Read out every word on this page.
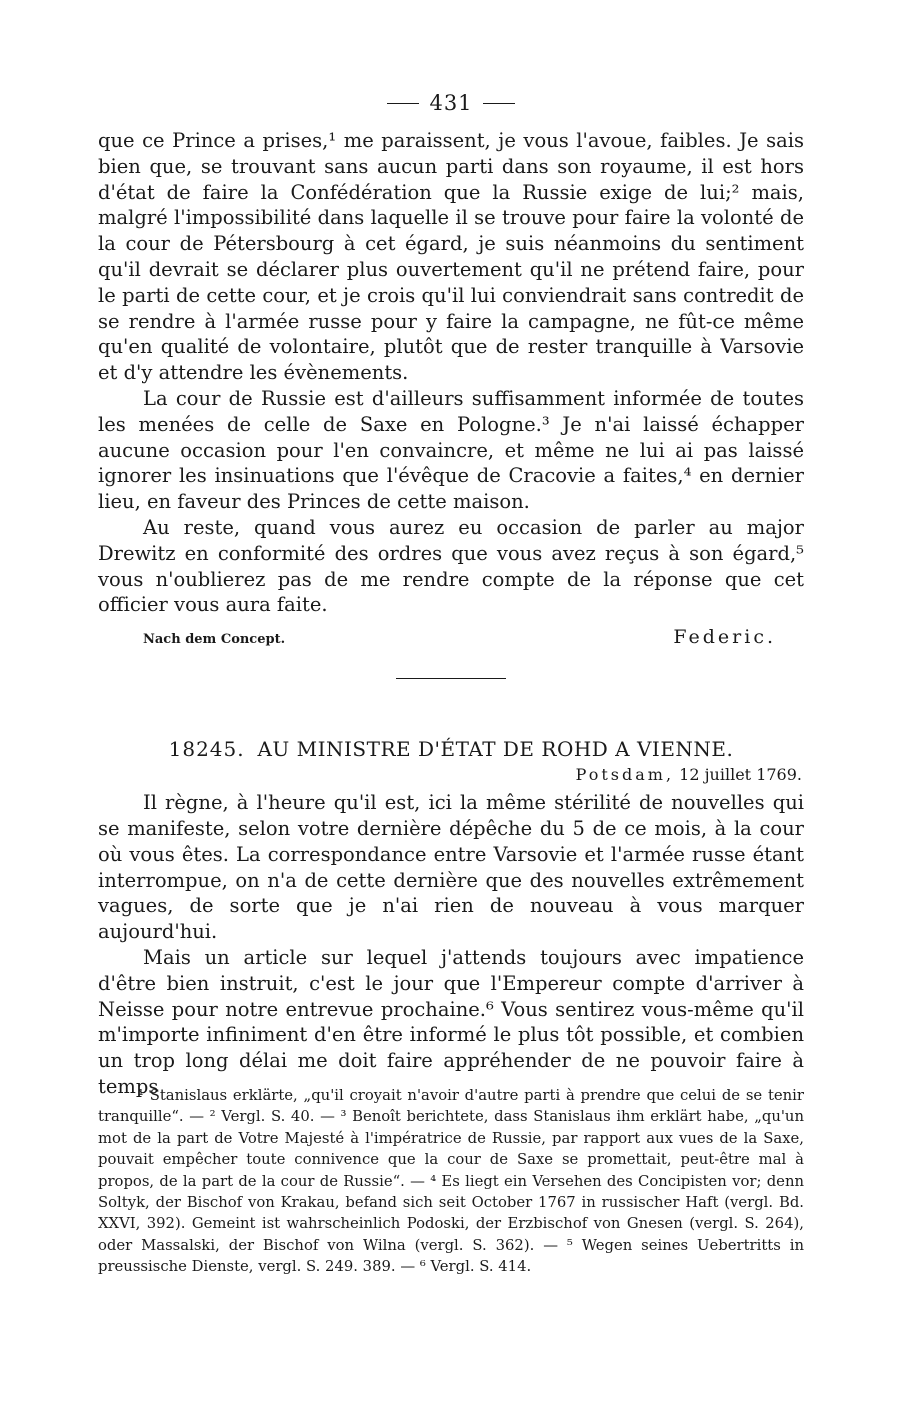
431

que ce Prince a prises,¹ me paraissent, je vous l'avoue, faibles. Je sais bien que, se trouvant sans aucun parti dans son royaume, il est hors d'état de faire la Confédération que la Russie exige de lui;² mais, malgré l'impossibilité dans laquelle il se trouve pour faire la volonté de la cour de Pétersbourg à cet égard, je suis néanmoins du sentiment qu'il devrait se déclarer plus ouvertement qu'il ne prétend faire, pour le parti de cette cour, et je crois qu'il lui conviendrait sans contredit de se rendre à l'armée russe pour y faire la campagne, ne fût-ce même qu'en qualité de volontaire, plutôt que de rester tranquille à Varsovie et d'y attendre les évènements.

La cour de Russie est d'ailleurs suffisamment informée de toutes les menées de celle de Saxe en Pologne.³ Je n'ai laissé échapper aucune occasion pour l'en convaincre, et même ne lui ai pas laissé ignorer les insinuations que l'évêque de Cracovie a faites,⁴ en dernier lieu, en faveur des Princes de cette maison.

Au reste, quand vous aurez eu occasion de parler au major Drewitz en conformité des ordres que vous avez reçus à son égard,⁵ vous n'oublierez pas de me rendre compte de la réponse que cet officier vous aura faite.

Nach dem Concept.	Federic.
18245. AU MINISTRE D'ÉTAT DE ROHD A VIENNE.
Potsdam, 12 juillet 1769.

Il règne, à l'heure qu'il est, ici la même stérilité de nouvelles qui se manifeste, selon votre dernière dépêche du 5 de ce mois, à la cour où vous êtes. La correspondance entre Varsovie et l'armée russe étant interrompue, on n'a de cette dernière que des nouvelles extrêmement vagues, de sorte que je n'ai rien de nouveau à vous marquer aujourd'hui.

Mais un article sur lequel j'attends toujours avec impatience d'être bien instruit, c'est le jour que l'Empereur compte d'arriver à Neisse pour notre entrevue prochaine.⁶ Vous sentirez vous-même qu'il m'importe infiniment d'en être informé le plus tôt possible, et combien un trop long délai me doit faire appréhender de ne pouvoir faire à temps

¹ Stanislaus erklärte, „qu'il croyait n'avoir d'autre parti à prendre que celui de se tenir tranquille“. — ² Vergl. S. 40. — ³ Benoît berichtete, dass Stanislaus ihm erklärt habe, „qu'un mot de la part de Votre Majesté à l'impératrice de Russie, par rapport aux vues de la Saxe, pouvait empêcher toute connivence que la cour de Saxe se promettait, peut-être mal à propos, de la part de la cour de Russie“. — ⁴ Es liegt ein Versehen des Concipisten vor; denn Soltyk, der Bischof von Krakau, befand sich seit October 1767 in russischer Haft (vergl. Bd. XXVI, 392). Gemeint ist wahrscheinlich Podoski, der Erzbischof von Gnesen (vergl. S. 264), oder Massalski, der Bischof von Wilna (vergl. S. 362). — ⁵ Wegen seines Uebertritts in preussische Dienste, vergl. S. 249. 389. — ⁶ Vergl. S. 414.
